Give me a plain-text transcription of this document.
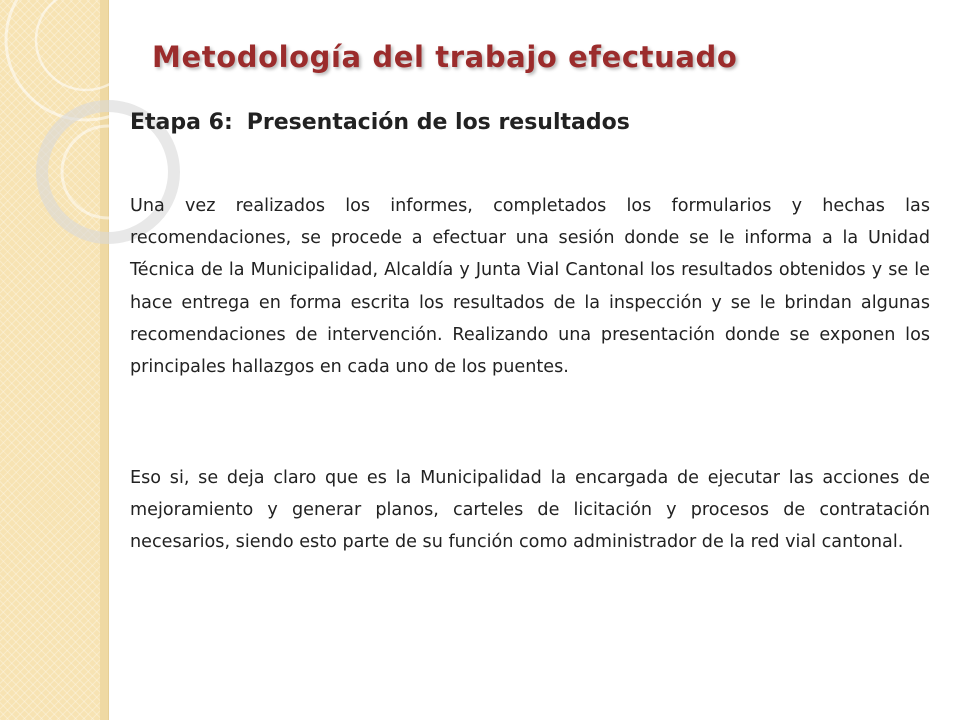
Metodología del trabajo efectuado
Etapa 6: Presentación de los resultados

Una vez realizados los informes, completados los formularios y hechas las recomendaciones, se procede a efectuar una sesión donde se le informa a la Unidad Técnica de la Municipalidad, Alcaldía y Junta Vial Cantonal los resultados obtenidos y se le hace entrega en forma escrita los resultados de la inspección y se le brindan algunas recomendaciones de intervención. Realizando una presentación donde se exponen los principales hallazgos en cada uno de los puentes.

Eso si, se deja claro que es la Municipalidad la encargada de ejecutar las acciones de mejoramiento y generar planos, carteles de licitación y procesos de contratación necesarios, siendo esto parte de su función como administrador de la red vial cantonal.
